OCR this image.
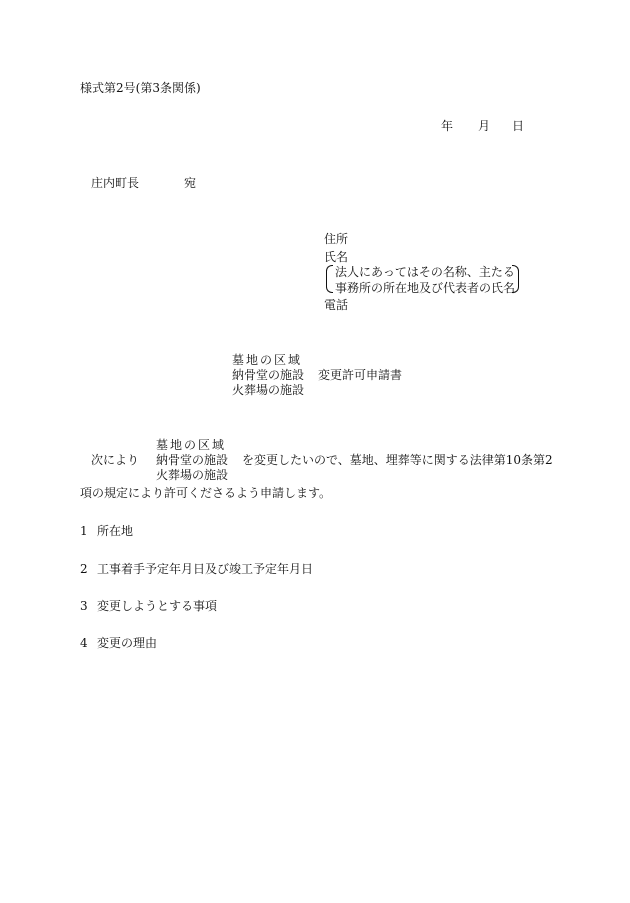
様式第2号(第3条関係)
年 月 日
庄内町長	宛
住所
氏名
法人にあってはその名称、主たる
事務所の所在地及び代表者の氏名
電話
墓地の区域
納骨堂の施設
火葬場の施設
変更許可申請書
墓地の区域
次により 納骨堂の施設 を変更したいので、墓地、埋葬等に関する法律第10条第2
火葬場の施設
項の規定により許可くださるよう申請します。
1 所在地
2 工事着手予定年月日及び竣工予定年月日
3 変更しようとする事項
4 変更の理由
